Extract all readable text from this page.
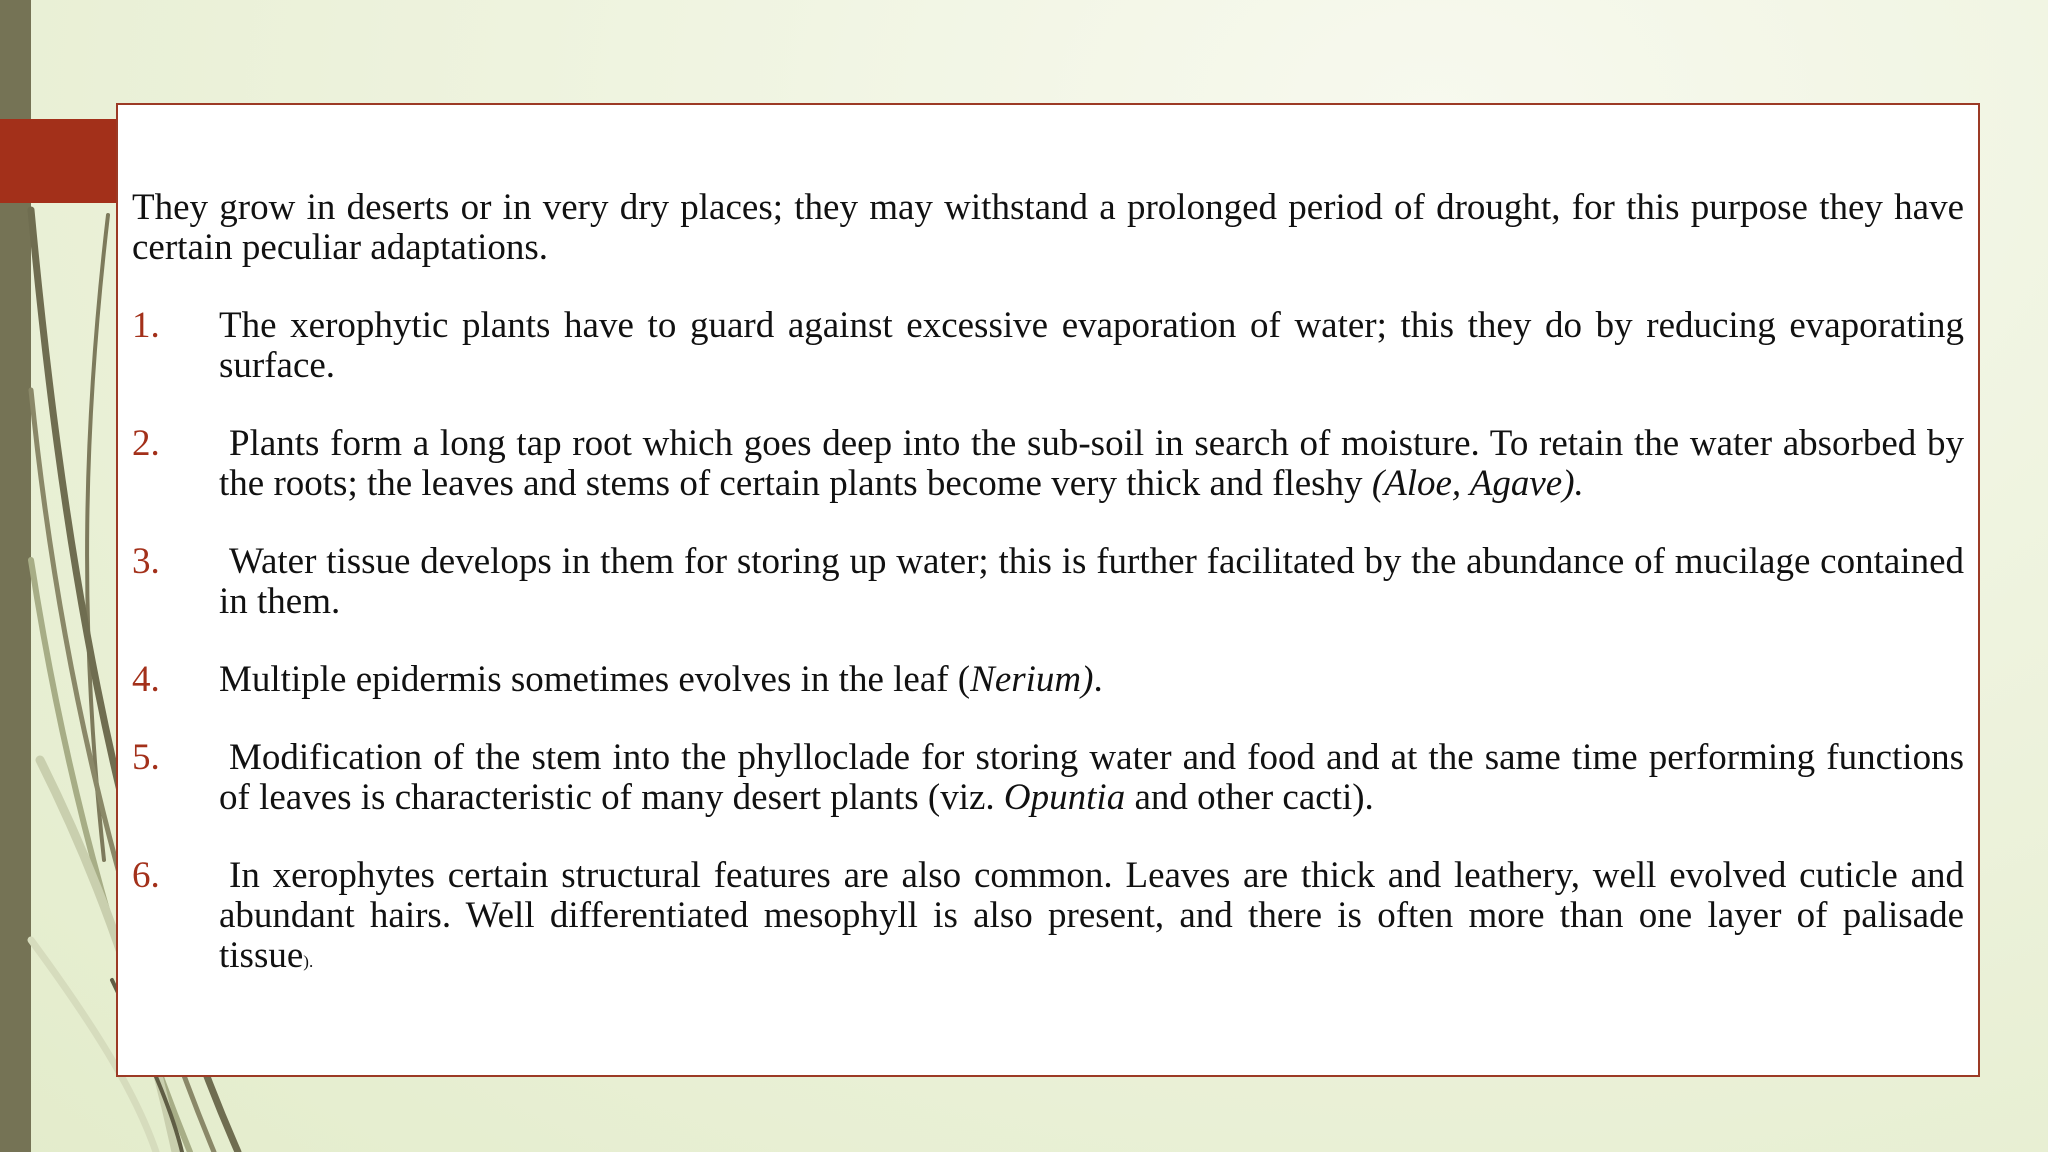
They grow in deserts or in very dry places; they may withstand a prolonged period of drought, for this purpose they have certain peculiar adaptations.

1. The xerophytic plants have to guard against excessive evaporation of water; this they do by reducing evaporating surface.
2. Plants form a long tap root which goes deep into the sub-soil in search of moisture. To retain the water absorbed by the roots; the leaves and stems of certain plants become very thick and fleshy (Aloe, Agave).
3. Water tissue develops in them for storing up water; this is further facilitated by the abundance of mucilage contained in them.
4. Multiple epidermis sometimes evolves in the leaf (Nerium).
5. Modification of the stem into the phylloclade for storing water and food and at the same time performing functions of leaves is characteristic of many desert plants (viz. Opuntia and other cacti).
6. In xerophytes certain structural features are also common. Leaves are thick and leathery, well evolved cuticle and abundant hairs. Well differentiated mesophyll is also present, and there is often more than one layer of palisade tissue).
